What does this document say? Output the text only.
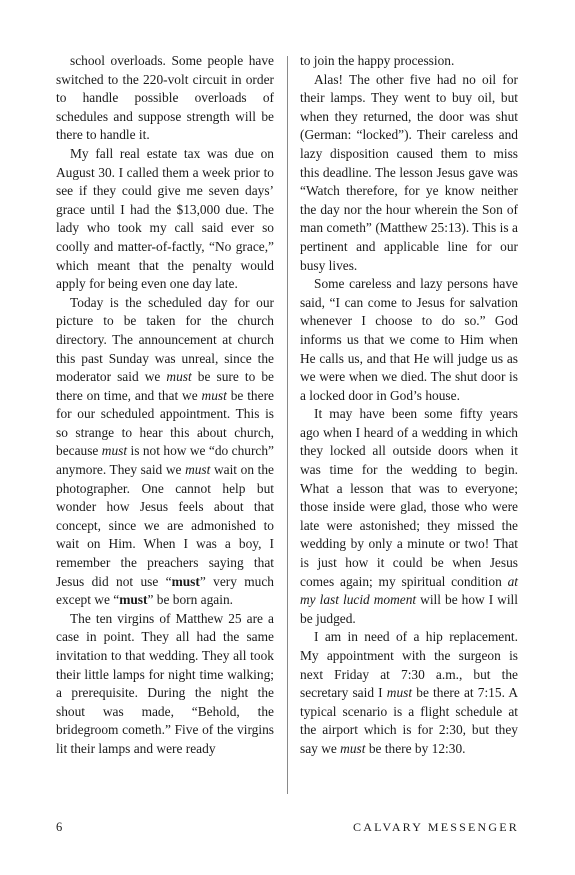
school overloads. Some people have switched to the 220-volt circuit in order to handle possible overloads of schedules and suppose strength will be there to handle it.

My fall real estate tax was due on August 30. I called them a week prior to see if they could give me seven days’ grace until I had the $13,000 due. The lady who took my call said ever so coolly and matter-of-factly, “No grace,” which meant that the penalty would apply for being even one day late.

Today is the scheduled day for our picture to be taken for the church directory. The announcement at church this past Sunday was unreal, since the moderator said we must be sure to be there on time, and that we must be there for our scheduled appointment. This is so strange to hear this about church, because must is not how we “do church” anymore. They said we must wait on the photographer. One cannot help but wonder how Jesus feels about that concept, since we are admonished to wait on Him. When I was a boy, I remember the preachers saying that Jesus did not use “must” very much except we “must” be born again.

The ten virgins of Matthew 25 are a case in point. They all had the same invitation to that wedding. They all took their little lamps for night time walking; a prerequisite. During the night the shout was made, “Behold, the bridegroom cometh.” Five of the virgins lit their lamps and were ready

to join the happy procession.

Alas! The other five had no oil for their lamps. They went to buy oil, but when they returned, the door was shut (German: “locked”). Their careless and lazy disposition caused them to miss this deadline. The lesson Jesus gave was “Watch therefore, for ye know neither the day nor the hour wherein the Son of man cometh” (Matthew 25:13). This is a pertinent and applicable line for our busy lives.

Some careless and lazy persons have said, “I can come to Jesus for salvation whenever I choose to do so.” God informs us that we come to Him when He calls us, and that He will judge us as we were when we died. The shut door is a locked door in God’s house.

It may have been some fifty years ago when I heard of a wedding in which they locked all outside doors when it was time for the wedding to begin. What a lesson that was to everyone; those inside were glad, those who were late were astonished; they missed the wedding by only a minute or two! That is just how it could be when Jesus comes again; my spiritual condition at my last lucid moment will be how I will be judged.

I am in need of a hip replacement. My appointment with the surgeon is next Friday at 7:30 a.m., but the secretary said I must be there at 7:15. A typical scenario is a flight schedule at the airport which is for 2:30, but they say we must be there by 12:30.

6	CALVARY MESSENGER
